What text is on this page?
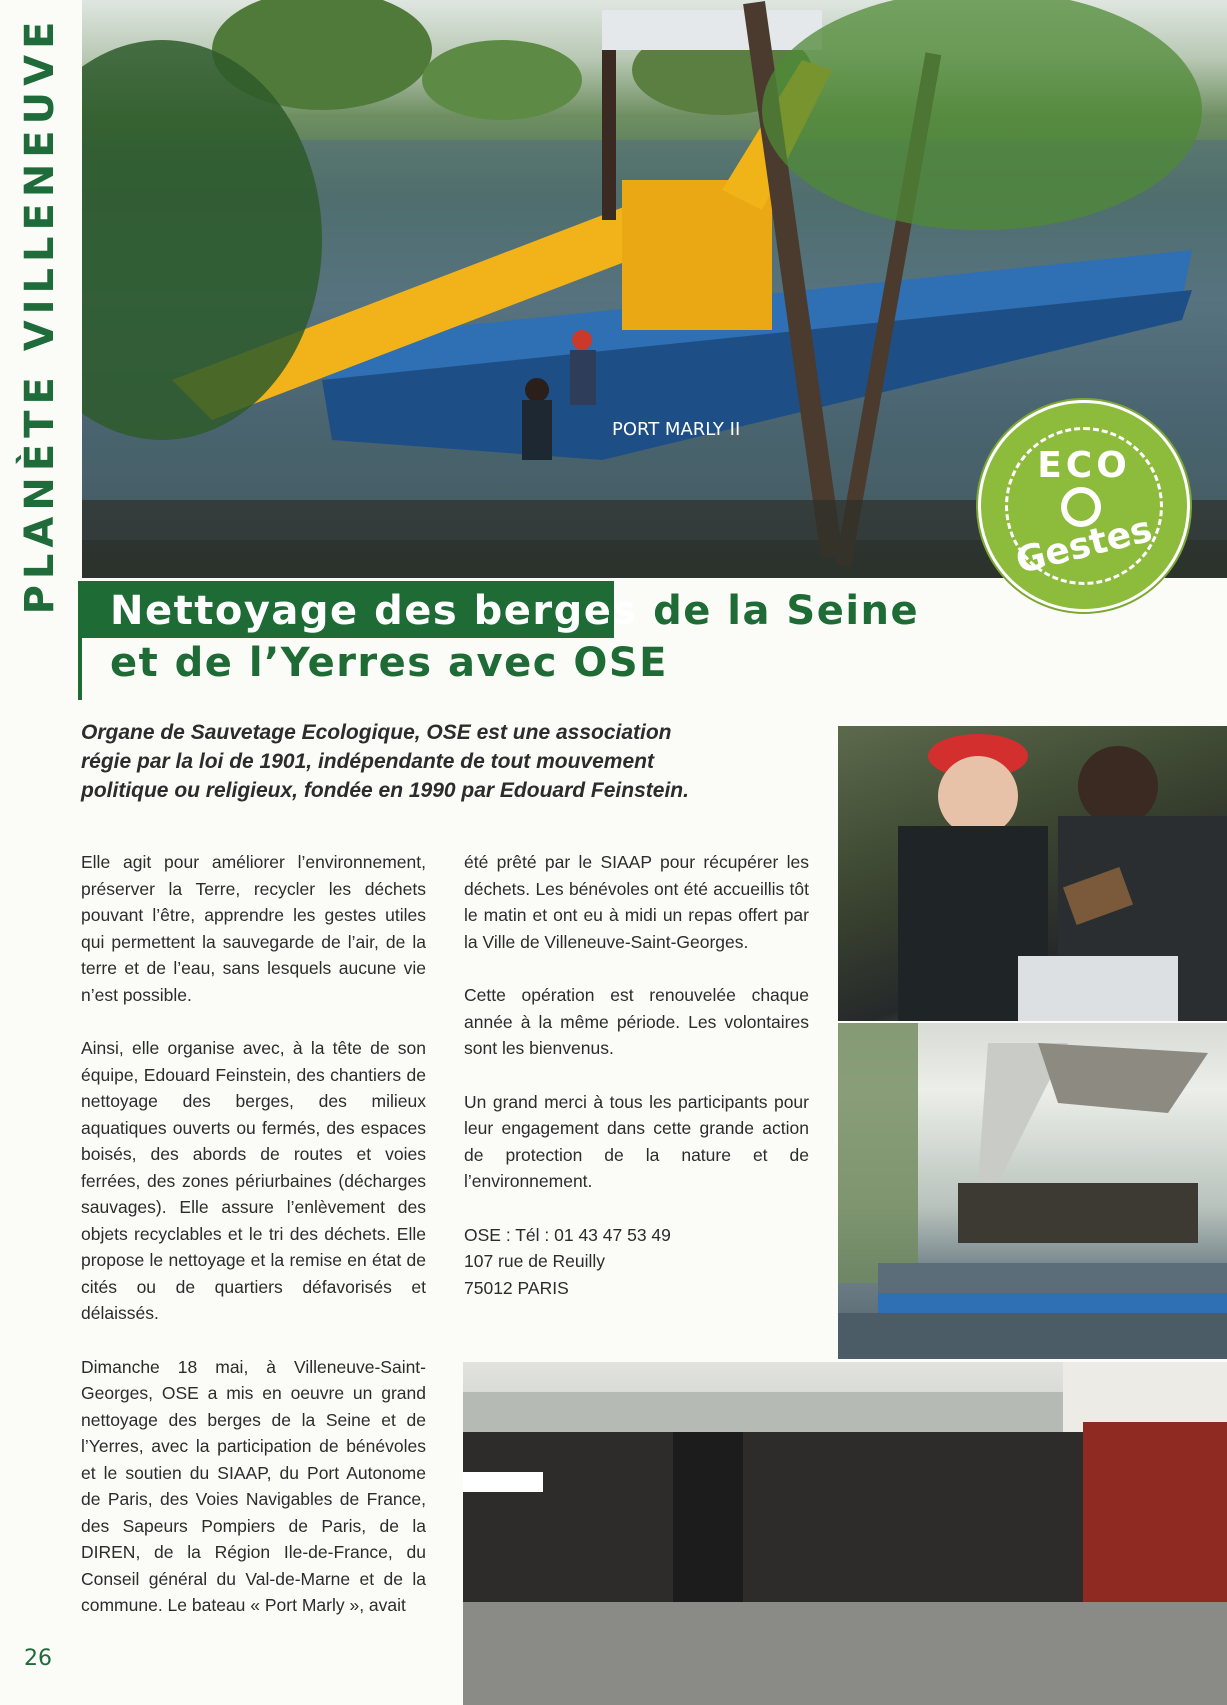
PLANÈTE VILLENEUVE	PORT MARLY II
ECO
Gestes
Nettoyage des berges de la Seine
et de l’Yerres avec OSE

Organe de Sauvetage Ecologique, OSE est une association régie par la loi de 1901, indépendante de tout mouvement politique ou religieux, fondée en 1990 par Edouard Feinstein.

Elle agit pour améliorer l’environnement, préserver la Terre, recycler les déchets pouvant l’être, apprendre les gestes utiles qui permettent la sauvegarde de l’air, de la terre et de l’eau, sans lesquels aucune vie n’est possible.

Ainsi, elle organise avec, à la tête de son équipe, Edouard Feinstein, des chantiers de nettoyage des berges, des milieux aquatiques ouverts ou fermés, des espaces boisés, des abords de routes et voies ferrées, des zones périurbaines (décharges sauvages). Elle assure l’enlèvement des objets recyclables et le tri des déchets. Elle propose le nettoyage et la remise en état de cités ou de quartiers défavorisés et délaissés.

Dimanche 18 mai, à Villeneuve-Saint-Georges, OSE a mis en oeuvre un grand nettoyage des berges de la Seine et de l’Yerres, avec la participation de bénévoles et le soutien du SIAAP, du Port Autonome de Paris, des Voies Navigables de France, des Sapeurs Pompiers de Paris, de la DIREN, de la Région Ile-de-France, du Conseil général du Val-de-Marne et de la commune. Le bateau « Port Marly », avait

été prêté par le SIAAP pour récupérer les déchets. Les bénévoles ont été accueillis tôt le matin et ont eu à midi un repas offert par la Ville de Villeneuve-Saint-Georges.

Cette opération est renouvelée chaque année à la même période. Les volontaires sont les bienvenus.

Un grand merci à tous les participants pour leur engagement dans cette grande action de protection de la nature et de l’environnement.

OSE : Tél : 01 43 47 53 49
107 rue de Reuilly
75012 PARIS
26
